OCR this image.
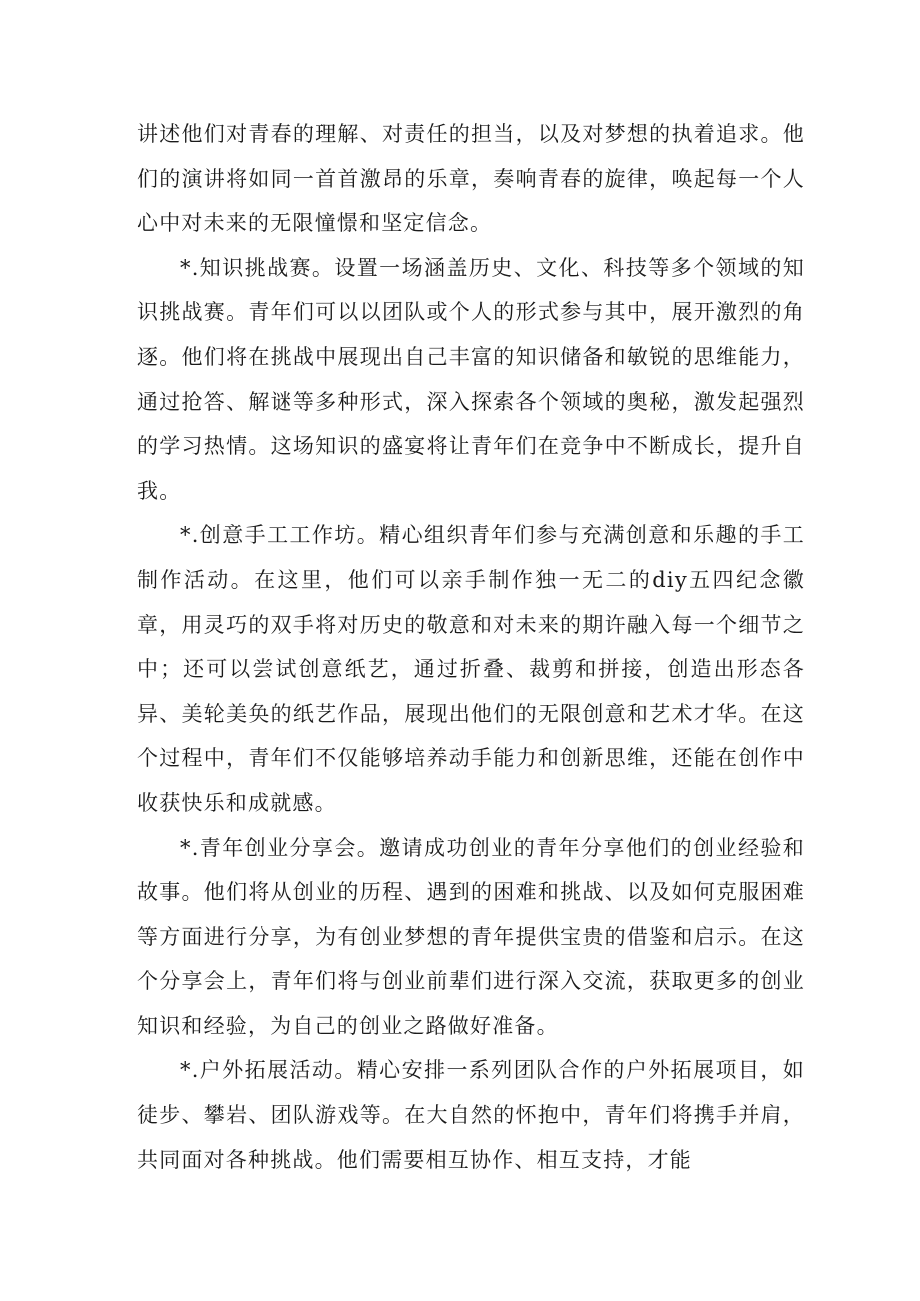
讲述他们对青春的理解、对责任的担当，以及对梦想的执着追求。他们的演讲将如同一首首激昂的乐章，奏响青春的旋律，唤起每一个人心中对未来的无限憧憬和坚定信念。

*.知识挑战赛。设置一场涵盖历史、文化、科技等多个领域的知识挑战赛。青年们可以以团队或个人的形式参与其中，展开激烈的角逐。他们将在挑战中展现出自己丰富的知识储备和敏锐的思维能力，通过抢答、解谜等多种形式，深入探索各个领域的奥秘，激发起强烈的学习热情。这场知识的盛宴将让青年们在竞争中不断成长，提升自我。

*.创意手工工作坊。精心组织青年们参与充满创意和乐趣的手工制作活动。在这里，他们可以亲手制作独一无二的diy五四纪念徽章，用灵巧的双手将对历史的敬意和对未来的期许融入每一个细节之中；还可以尝试创意纸艺，通过折叠、裁剪和拼接，创造出形态各异、美轮美奂的纸艺作品，展现出他们的无限创意和艺术才华。在这个过程中，青年们不仅能够培养动手能力和创新思维，还能在创作中收获快乐和成就感。

*.青年创业分享会。邀请成功创业的青年分享他们的创业经验和故事。他们将从创业的历程、遇到的困难和挑战、以及如何克服困难等方面进行分享，为有创业梦想的青年提供宝贵的借鉴和启示。在这个分享会上，青年们将与创业前辈们进行深入交流，获取更多的创业知识和经验，为自己的创业之路做好准备。

*.户外拓展活动。精心安排一系列团队合作的户外拓展项目，如徒步、攀岩、团队游戏等。在大自然的怀抱中，青年们将携手并肩，共同面对各种挑战。他们需要相互协作、相互支持，才能
